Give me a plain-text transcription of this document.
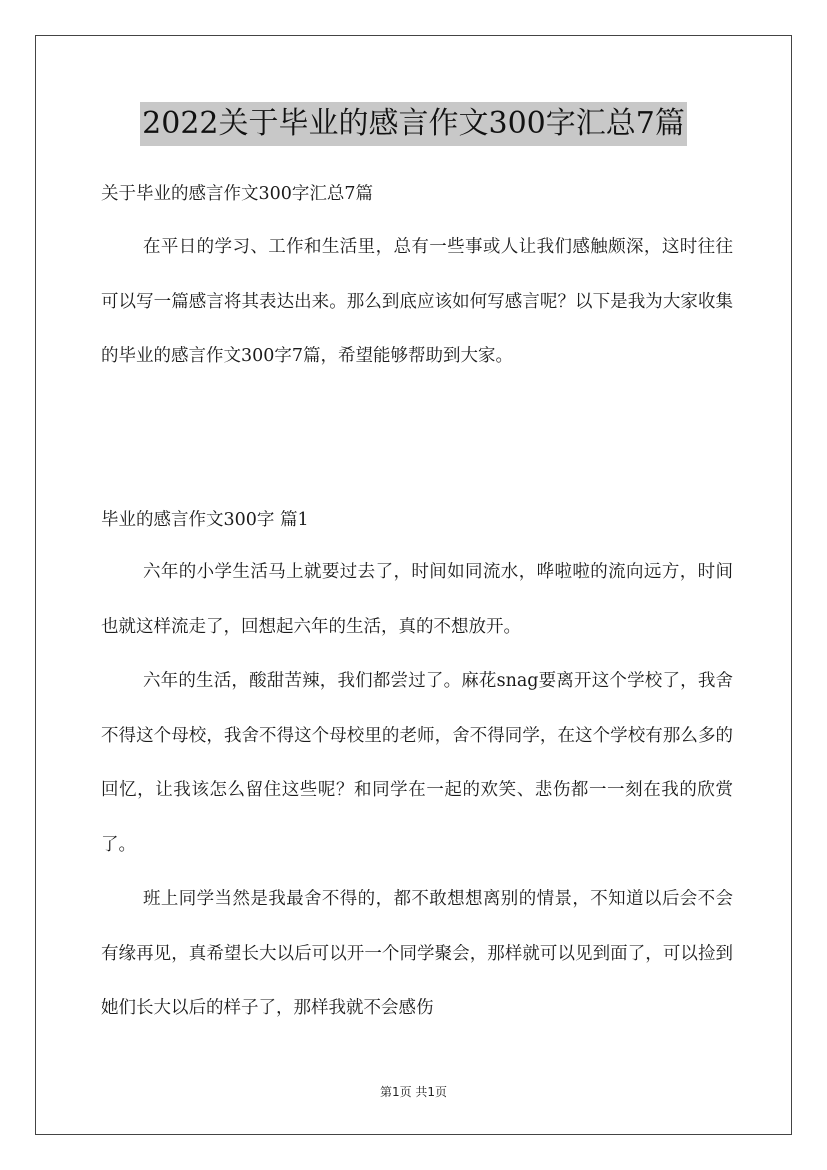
2022关于毕业的感言作文300字汇总7篇
关于毕业的感言作文300字汇总7篇

在平日的学习、工作和生活里，总有一些事或人让我们感触颇深，这时往往可以写一篇感言将其表达出来。那么到底应该如何写感言呢？以下是我为大家收集的毕业的感言作文300字7篇，希望能够帮助到大家。

毕业的感言作文300字 篇1

六年的小学生活马上就要过去了，时间如同流水，哗啦啦的流向远方，时间也就这样流走了，回想起六年的生活，真的不想放开。

六年的生活，酸甜苦辣，我们都尝过了。麻花snag要离开这个学校了，我舍不得这个母校，我舍不得这个母校里的老师，舍不得同学，在这个学校有那么多的回忆，让我该怎么留住这些呢？和同学在一起的欢笑、悲伤都一一刻在我的欣赏了。

班上同学当然是我最舍不得的，都不敢想想离别的情景，不知道以后会不会有缘再见，真希望长大以后可以开一个同学聚会，那样就可以见到面了，可以捡到她们长大以后的样子了，那样我就不会感伤

第1页 共1页
